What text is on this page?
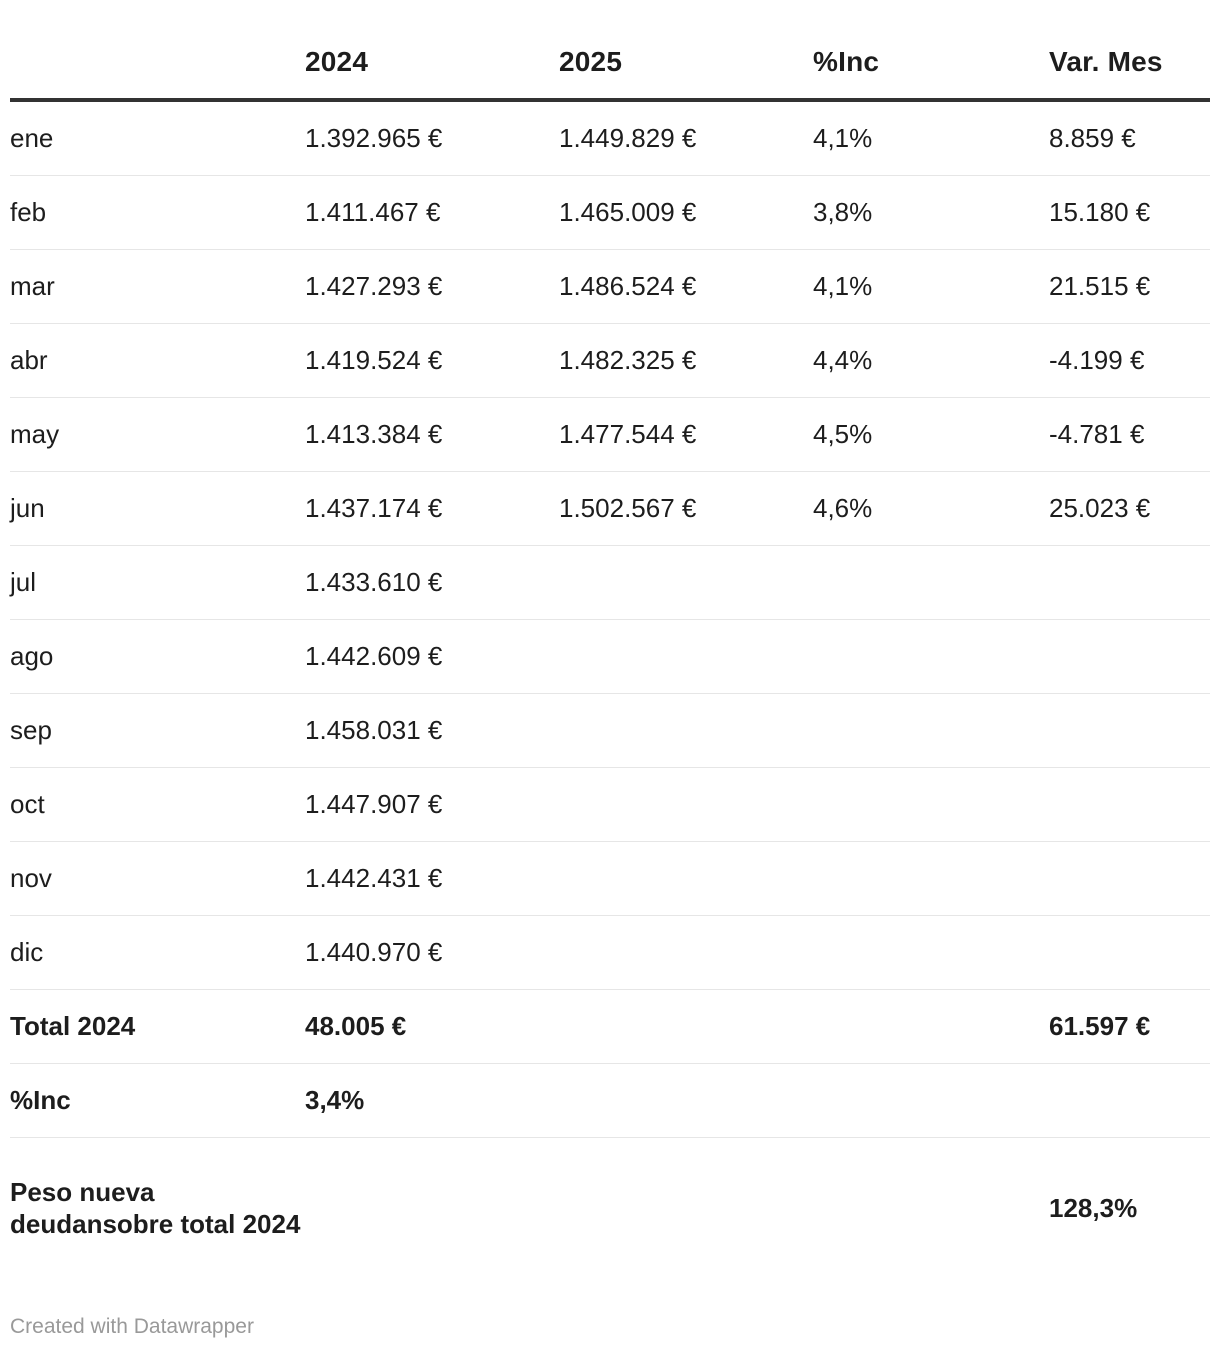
	2024	2025	%Inc	Var. Mes
ene	1.392.965 €	1.449.829 €	4,1%	8.859 €
feb	1.411.467 €	1.465.009 €	3,8%	15.180 €
mar	1.427.293 €	1.486.524 €	4,1%	21.515 €
abr	1.419.524 €	1.482.325 €	4,4%	-4.199 €
may	1.413.384 €	1.477.544 €	4,5%	-4.781 €
jun	1.437.174 €	1.502.567 €	4,6%	25.023 €
jul	1.433.610 €			
ago	1.442.609 €			
sep	1.458.031 €			
oct	1.447.907 €			
nov	1.442.431 €			
dic	1.440.970 €			
Total 2024	48.005 €			61.597 €
%Inc	3,4%			
Peso nueva deudansobre total 2024				128,3%
Created with Datawrapper
